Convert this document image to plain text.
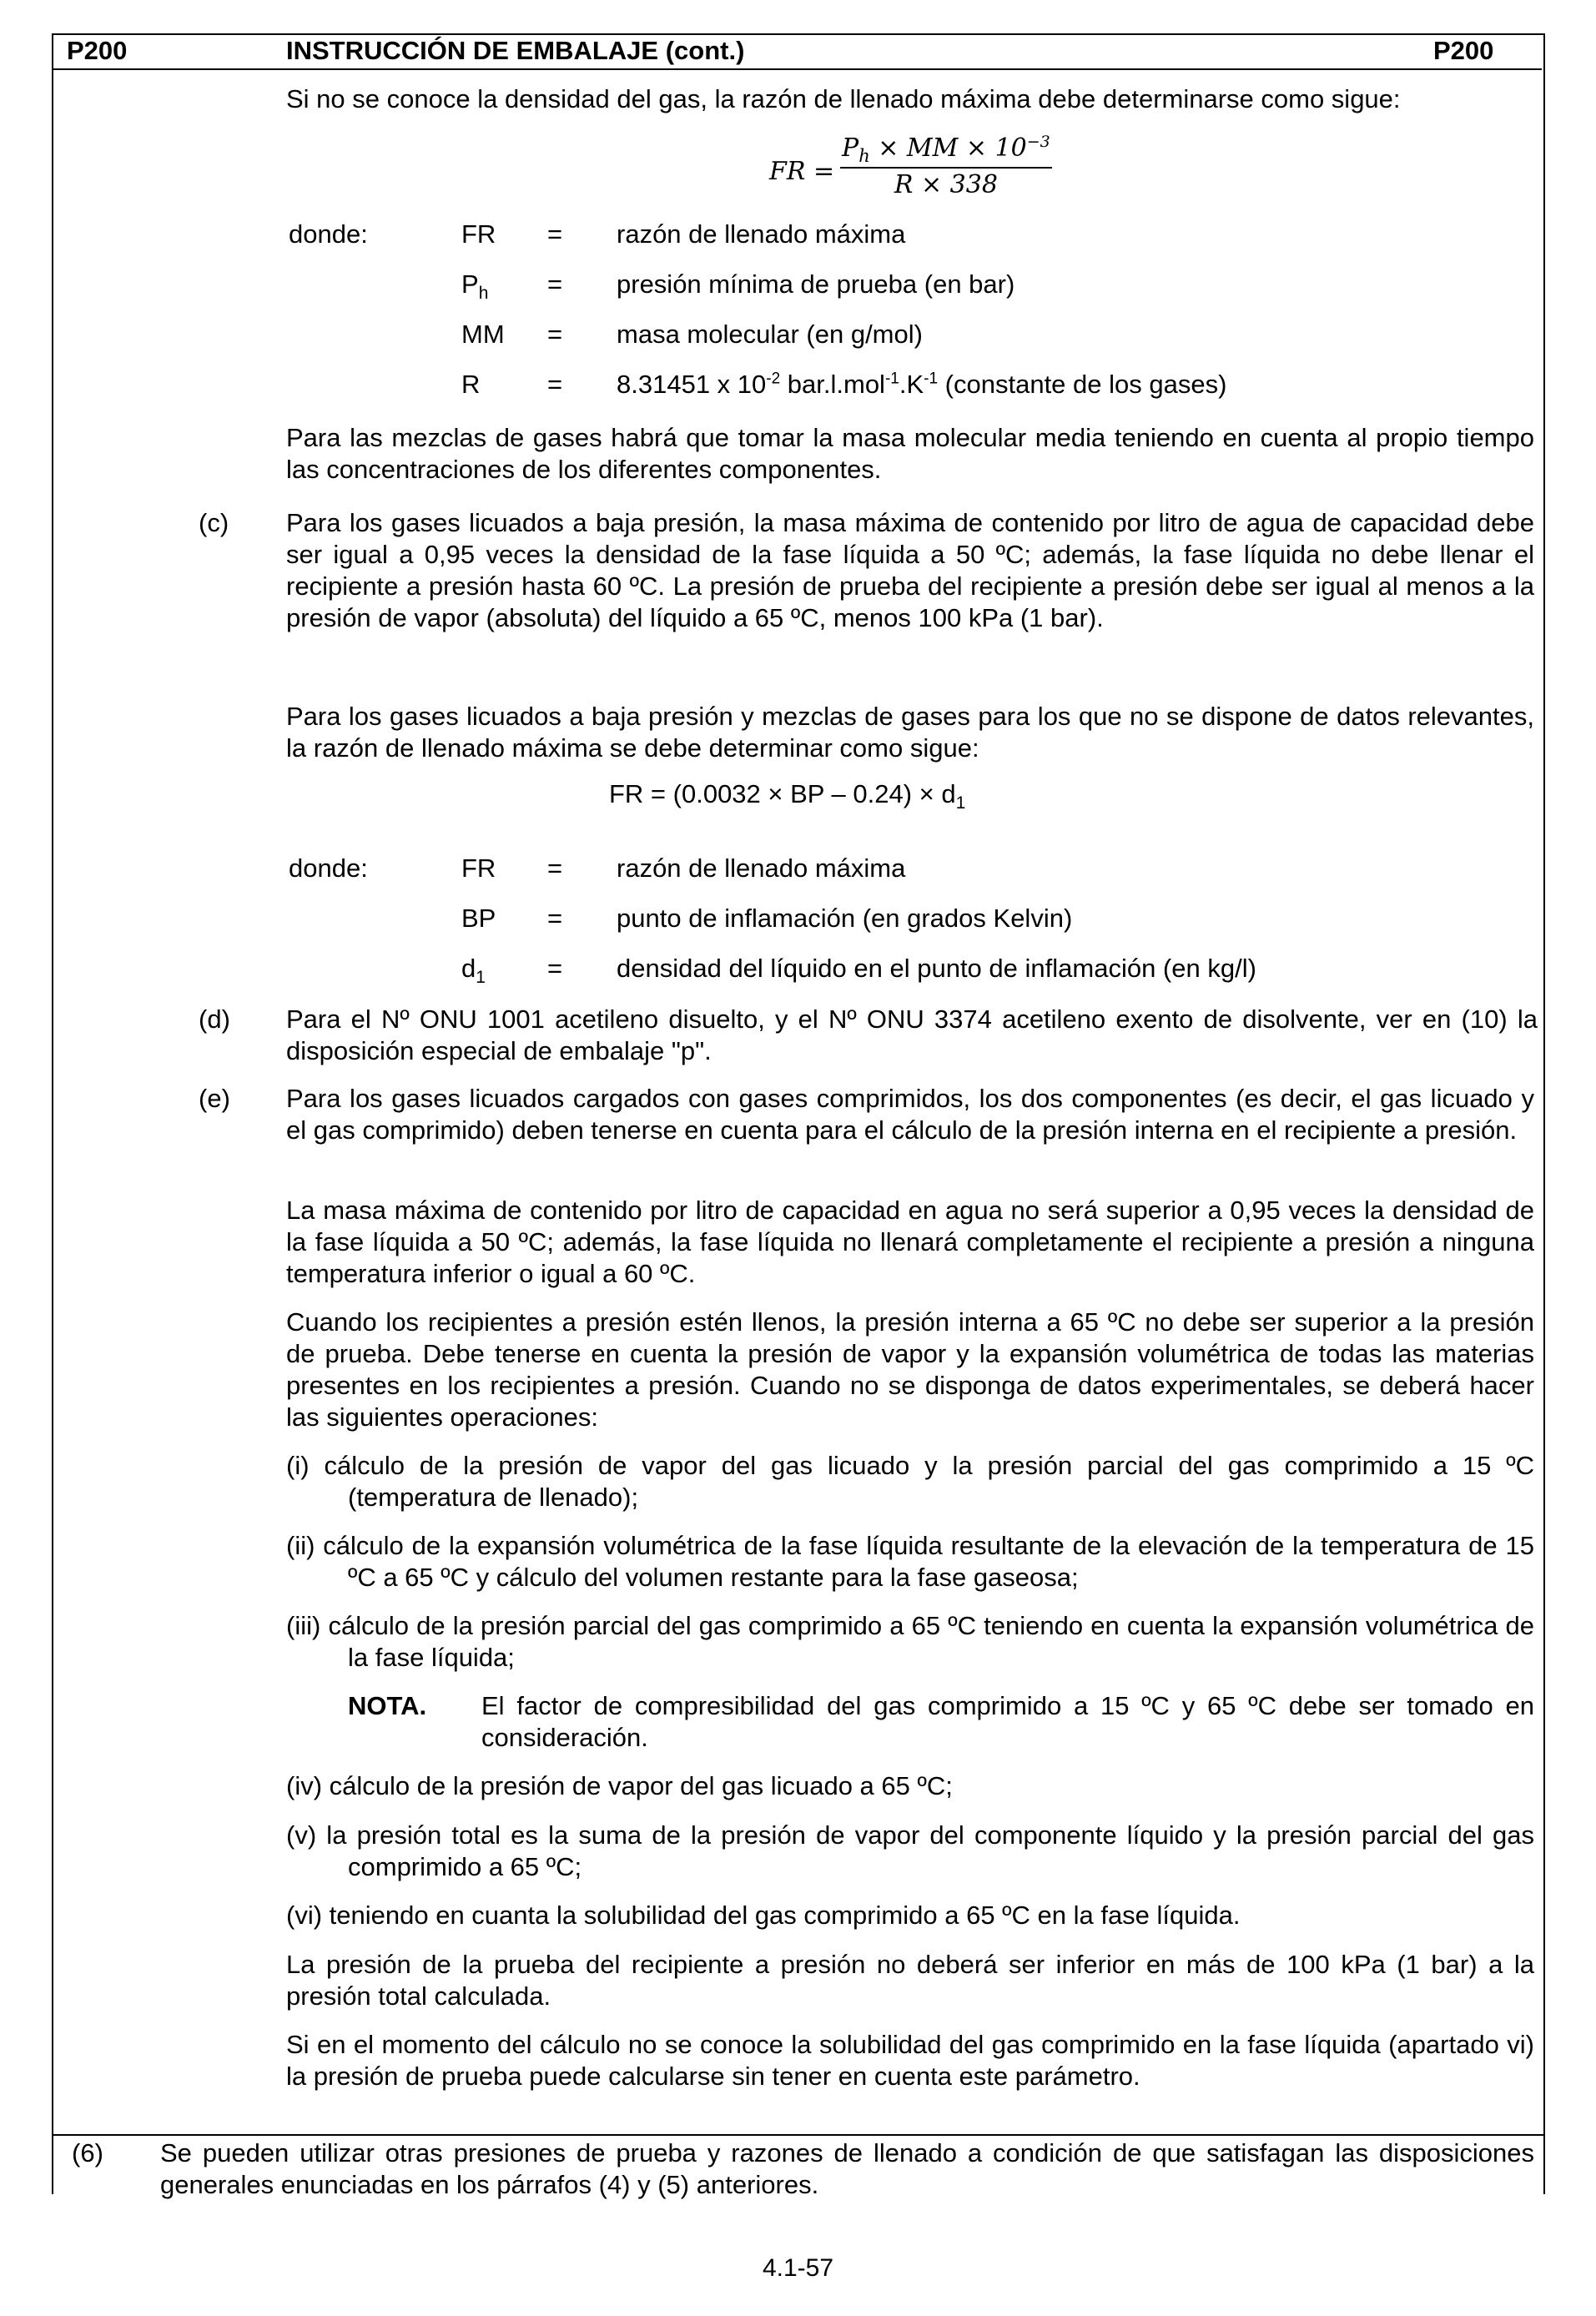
P200	INSTRUCCIÓN DE EMBALAJE (cont.)	P200
Si no se conoce la densidad del gas, la razón de llenado máxima debe determinarse como sigue:
FR = $\frac{P_h \times MM \times 10^{-3}}{R \times 338}$
donde:	FR = razón de llenado máxima
$P_h$ = presión mínima de prueba (en bar)
MM = masa molecular (en g/mol)
R	= 8.31451 x $10^{-2}$ $bar.l.mol^{-1}.K^{-1}$ (constante de los gases)
Para las mezclas de gases habrá que tomar la masa molecular media teniendo en cuenta al propio tiempo las concentraciones de los diferentes componentes.
(c) Para los gases licuados a baja presión, la masa máxima de contenido por litro de agua de capacidad debe ser igual a 0,95 veces la densidad de la fase líquida a 50 ºC; además, la fase líquida no debe llenar el recipiente a presión hasta 60 ºC. La presión de prueba del recipiente a presión debe ser igual al menos a la presión de vapor (absoluta) del líquido a 65 ºC, menos 100 kPa (1 bar).
Para los gases licuados a baja presión y mezclas de gases para los que no se dispone de datos relevantes, la razón de llenado máxima se debe determinar como sigue:
FR = (0.0032 × BP – $0.24) \times d_1$
donde:	FR = razón de llenado máxima
BP = punto de inflamación (en grados Kelvin)
$d_1$ = densidad del líquido en el punto de inflamación (en kg/l)
(d) Para el Nº ONU 1001 acetileno disuelto, y el Nº ONU 3374 acetileno exento de disolvente, ver en (10) la disposición especial de embalaje "p".
(e) Para los gases licuados cargados con gases comprimidos, los dos componentes (es decir, el gas licuado y el gas comprimido) deben tenerse en cuenta para el cálculo de la presión interna en el recipiente a presión.
La masa máxima de contenido por litro de capacidad en agua no será superior a 0,95 veces la densidad de la fase líquida a 50 ºC; además, la fase líquida no llenará completamente el recipiente a presión a ninguna temperatura inferior o igual a 60 ºC.
Cuando los recipientes a presión estén llenos, la presión interna a 65 ºC no debe ser superior a la presión de prueba. Debe tenerse en cuenta la presión de vapor y la expansión volumétrica de todas las materias presentes en los recipientes a presión. Cuando no se disponga de datos experimentales, se deberá hacer las siguientes operaciones:
(i) cálculo de la presión de vapor del gas licuado y la presión parcial del gas comprimido a 15 ºC (temperatura de llenado);
(ii) cálculo de la expansión volumétrica de la fase líquida resultante de la elevación de la temperatura de 15 ºC a 65 ºC y cálculo del volumen restante para la fase gaseosa;
(iii) cálculo de la presión parcial del gas comprimido a 65 ºC teniendo en cuenta la expansión volumétrica de la fase líquida;
NOTA. El factor de compresibilidad del gas comprimido a 15 ºC y 65 ºC debe ser tomado en consideración.
(iv) cálculo de la presión de vapor del gas licuado a 65 ºC;
(v) la presión total es la suma de la presión de vapor del componente líquido y la presión parcial del gas comprimido a 65 ºC;
(vi) teniendo en cuanta la solubilidad del gas comprimido a 65 ºC en la fase líquida.
La presión de la prueba del recipiente a presión no deberá ser inferior en más de 100 kPa (1 bar) a la presión total calculada.
Si en el momento del cálculo no se conoce la solubilidad del gas comprimido en la fase líquida (apartado vi) la presión de prueba puede calcularse sin tener en cuenta este parámetro.
(6) Se pueden utilizar otras presiones de prueba y razones de llenado a condición de que satisfagan las disposiciones generales enunciadas en los párrafos (4) y (5) anteriores.
4.1-57
